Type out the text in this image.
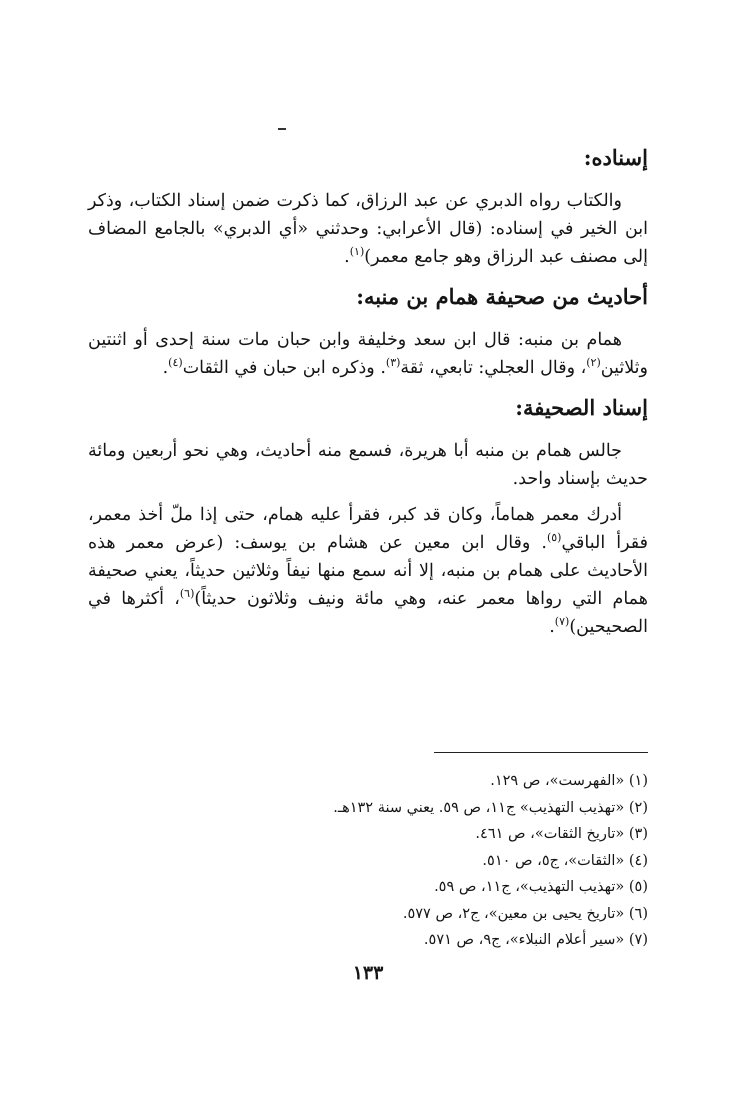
إسناده:

والكتاب رواه الدبري عن عبد الرزاق، كما ذكرت ضمن إسناد الكتاب، وذكر ابن الخير في إسناده: (قال الأعرابي: وحدثني «أي الدبري» بالجامع المضاف إلى مصنف عبد الرزاق وهو جامع معمر)$^{(١)}$.

أحاديث من صحيفة همام بن منبه:

همام بن منبه: قال ابن سعد وخليفة وابن حبان مات سنة إحدى أو اثنتين وثلاثين$^{(٢)}$، وقال العجلي: تابعي، ثقة$^{(٣)}$. وذكره ابن حبان في الثقات$^{(٤)}$.

إسناد الصحيفة:

جالس همام بن منبه أبا هريرة، فسمع منه أحاديث، وهي نحو أربعين ومائة حديث بإسناد واحد.

أدرك معمر هماماً، وكان قد كبر، فقرأ عليه همام، حتى إذا ملّ أخذ معمر، فقرأ الباقي$^{(٥)}$. وقال ابن معين عن هشام بن يوسف: (عرض معمر هذه الأحاديث على همام بن منبه، إلا أنه سمع منها نيفاً وثلاثين حديثاً، يعني صحيفة همام التي رواها معمر عنه، وهي مائة ونيف وثلاثون حديثاً)$^{(٦)}$، أكثرها في الصحيحين)$^{(٧)}$.

(١) «الفهرست»، ص ١٢٩.
(٢) «تهذيب التهذيب» ج١١، ص ٥٩. يعني سنة ١٣٢هـ.
(٣) «تاريخ الثقات»، ص ٤٦١.
(٤) «الثقات»، ج٥، ص ٥١٠.
(٥) «تهذيب التهذيب»، ج١١، ص ٥٩.
(٦) «تاريخ يحيى بن معين»، ج٢، ص ٥٧٧.
(٧) «سير أعلام النبلاء»، ج٩، ص ٥٧١.
١٣٣
